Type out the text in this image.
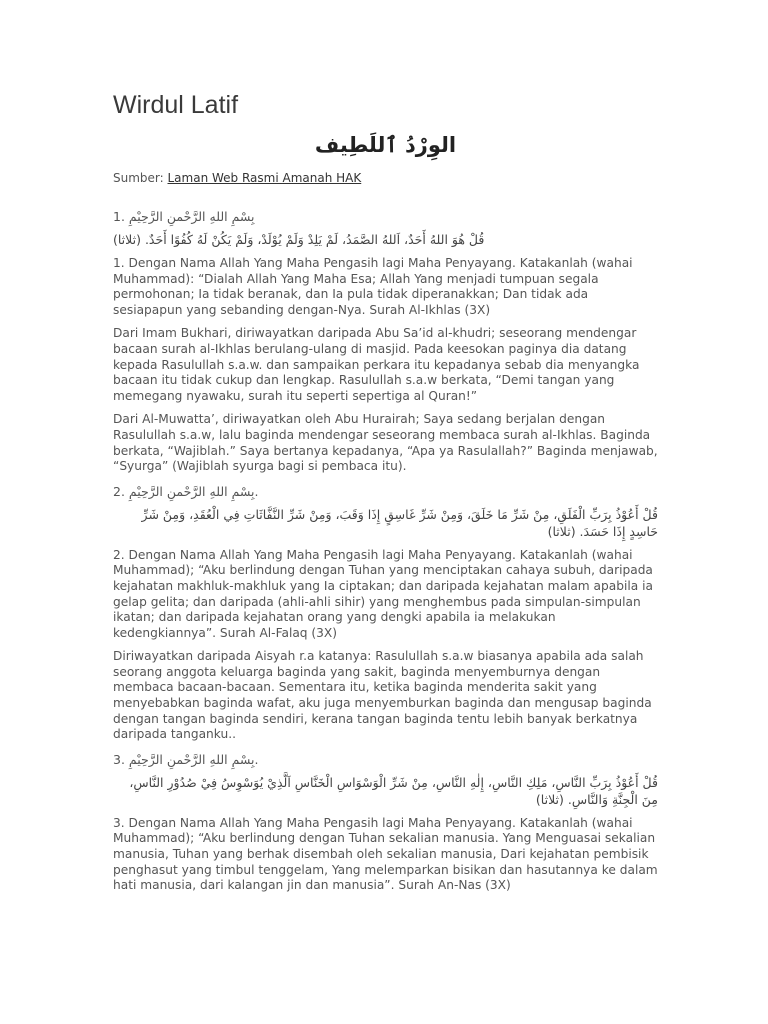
Wirdul Latif
الوِرْدُ ٱللَطِيف
Sumber: Laman Web Rasmi Amanah HAK
1. بِسْمِ اللهِ الرَّحْمنِ الرَّحِيْمِ
قُلْ هُوَ اللهُ أَحَدٌ، اَللهُ الصَّمَدُ، لَمْ يَلِدْ وَلَمْ يُوْلَدْ، وَلَمْ يَكُنْ لَهُ كُفُوًا أَحَدٌ. (ثلاثا)

1. Dengan Nama Allah Yang Maha Pengasih lagi Maha Penyayang. Katakanlah (wahai Muhammad): “Dialah Allah Yang Maha Esa; Allah Yang menjadi tumpuan segala permohonan; Ia tidak beranak, dan Ia pula tidak diperanakkan; Dan tidak ada sesiapapun yang sebanding dengan-Nya. Surah Al-Ikhlas (3X)

Dari Imam Bukhari, diriwayatkan daripada Abu Sa’id al-khudri; seseorang mendengar bacaan surah al-Ikhlas berulang-ulang di masjid. Pada keesokan paginya dia datang kepada Rasulullah s.a.w. dan sampaikan perkara itu kepadanya sebab dia menyangka bacaan itu tidak cukup dan lengkap. Rasulullah s.a.w berkata, “Demi tangan yang memegang nyawaku, surah itu seperti sepertiga al Quran!”

Dari Al-Muwatta’, diriwayatkan oleh Abu Hurairah; Saya sedang berjalan dengan Rasulullah s.a.w, lalu baginda mendengar seseorang membaca surah al-Ikhlas. Baginda berkata, “Wajiblah.” Saya bertanya kepadanya, “Apa ya Rasulallah?” Baginda menjawab, “Syurga” (Wajiblah syurga bagi si pembaca itu).

2. بِسْمِ اللهِ الرَّحْمنِ الرَّحِيْمِ.
قُلْ أَعُوْذُ بِرَبِّ الْفَلَقِ، مِنْ شَرِّ مَا خَلَقَ، وَمِنْ شَرِّ غَاسِقٍ إِذَا وَقَبَ، وَمِنْ شَرِّ النَّفَّاثَاتِ فِي الْعُقَدِ، وَمِنْ شَرِّ حَاسِدٍ إِذَا حَسَدَ. (ثلاثا)

2. Dengan Nama Allah Yang Maha Pengasih lagi Maha Penyayang. Katakanlah (wahai Muhammad); “Aku berlindung dengan Tuhan yang menciptakan cahaya subuh, daripada kejahatan makhluk-makhluk yang Ia ciptakan; dan daripada kejahatan malam apabila ia gelap gelita; dan daripada (ahli-ahli sihir) yang menghembus pada simpulan-simpulan ikatan; dan daripada kejahatan orang yang dengki apabila ia melakukan kedengkiannya”. Surah Al-Falaq (3X)

Diriwayatkan daripada Aisyah r.a katanya: Rasulullah s.a.w biasanya apabila ada salah seorang anggota keluarga baginda yang sakit, baginda menyemburnya dengan membaca bacaan-bacaan. Sementara itu, ketika baginda menderita sakit yang menyebabkan baginda wafat, aku juga menyemburkan baginda dan mengusap baginda dengan tangan baginda sendiri, kerana tangan baginda tentu lebih banyak berkatnya daripada tanganku..

3. بِسْمِ اللهِ الرَّحْمنِ الرَّحِيْمِ.
قُلْ أَعُوْذُ بِرَبِّ النَّاسِ، مَلِكِ النَّاسِ، إِلٰهِ النَّاسِ، مِنْ شَرِّ الْوَسْوَاسِ الْخَنَّاسِ اَلَّذِيْ يُوَسْوِسُ فِيْ صُدُوْرِ النَّاسِ، مِنَ الْجِنَّةِ وَالنَّاسِ. (ثلاثا)

3. Dengan Nama Allah Yang Maha Pengasih lagi Maha Penyayang. Katakanlah (wahai Muhammad); “Aku berlindung dengan Tuhan sekalian manusia. Yang Menguasai sekalian manusia, Tuhan yang berhak disembah oleh sekalian manusia, Dari kejahatan pembisik penghasut yang timbul tenggelam, Yang melemparkan bisikan dan hasutannya ke dalam hati manusia, dari kalangan jin dan manusia”. Surah An-Nas (3X)
